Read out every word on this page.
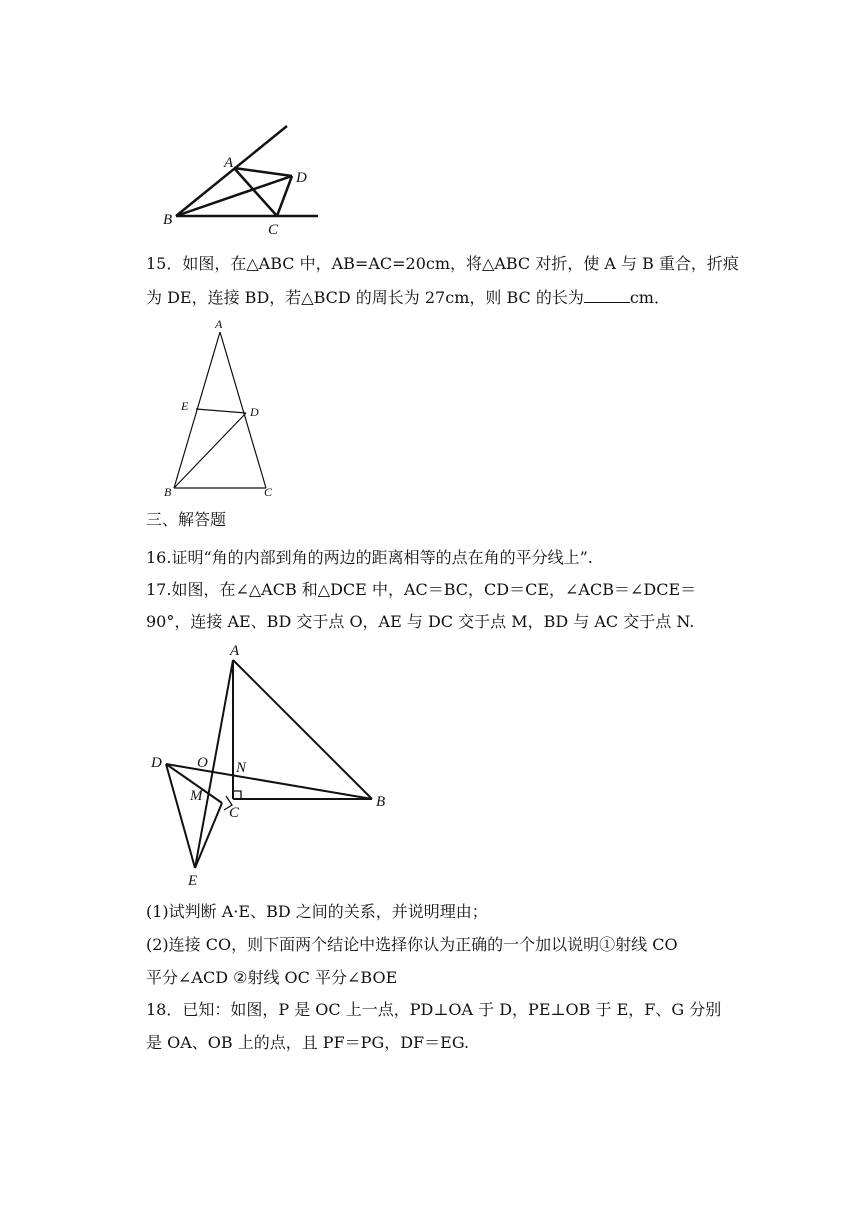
A
D
B
C
15．如图，在△ABC 中，AB=AC=20cm，将△ABC 对折，使 A 与 B 重合，折痕
为 DE，连接 BD，若△BCD 的周长为 27cm，则 BC 的长为	cm．
A
E	D
B	C
三、解答题
16.证明“角的内部到角的两边的距离相等的点在角的平分线上”.
17.如图，在∠△ACB 和△DCE 中，AC＝BC，CD＝CE，∠ACB＝∠DCE＝
90°，连接 AE、BD 交于点 O，AE 与 DC 交于点 M，BD 与 AC 交于点 N.
A
D O N
M
C
B
E
(1)试判断 A·E、BD 之间的关系，并说明理由；
(2)连接 CO，则下面两个结论中选择你认为正确的一个加以说明①射线 CO
平分∠ACD ②射线 OC 平分∠BOE
18．已知：如图，P 是 OC 上一点，PD⊥OA 于 D，PE⊥OB 于 E，F、G 分别
是 OA、OB 上的点，且 PF＝PG，DF＝EG.
